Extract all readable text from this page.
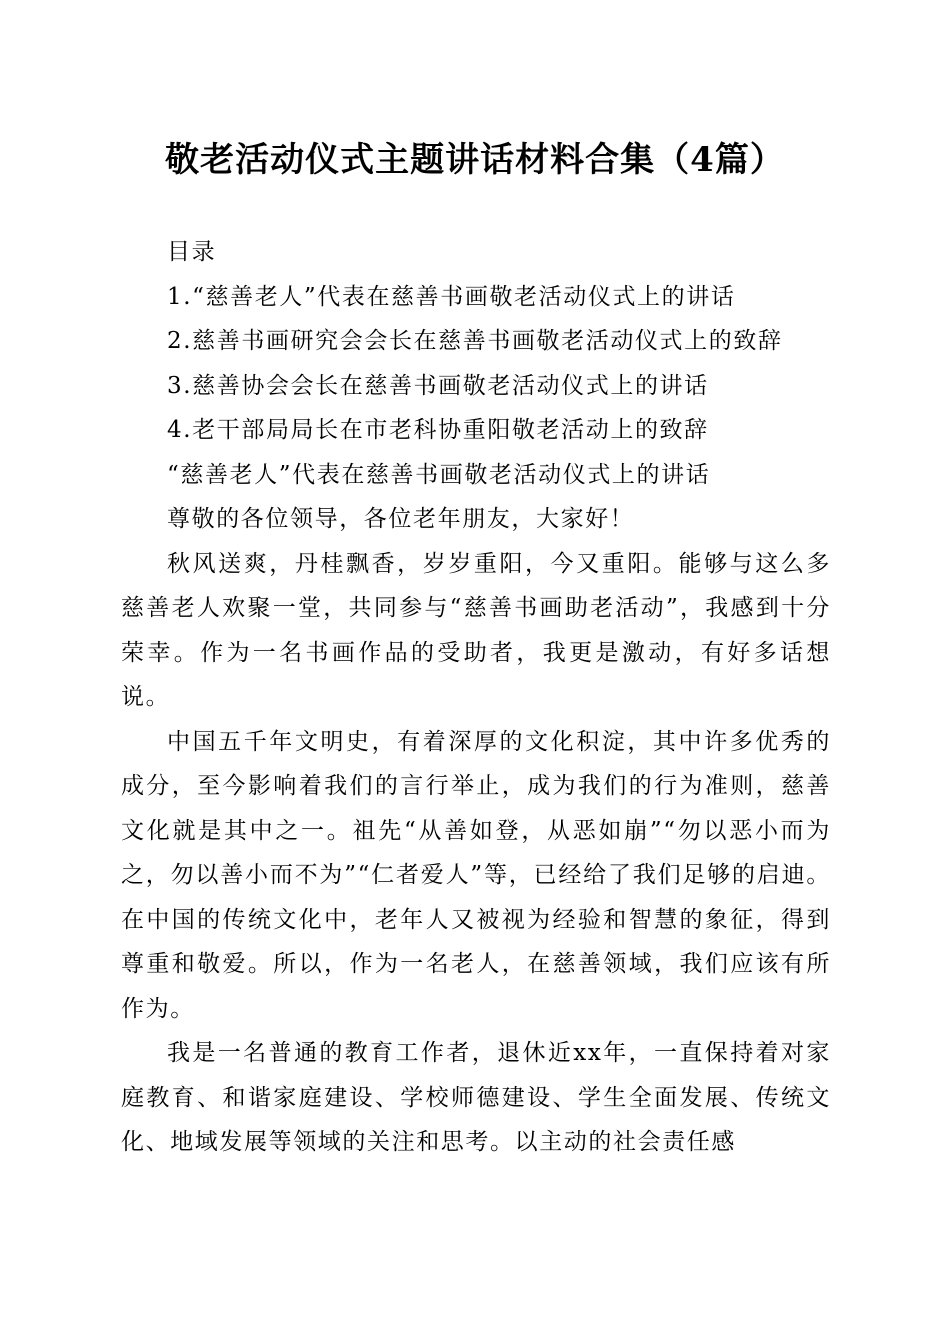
敬老活动仪式主题讲话材料合集（4篇）

目录

1.“慈善老人”代表在慈善书画敬老活动仪式上的讲话

2.慈善书画研究会会长在慈善书画敬老活动仪式上的致辞

3.慈善协会会长在慈善书画敬老活动仪式上的讲话

4.老干部局局长在市老科协重阳敬老活动上的致辞

“慈善老人”代表在慈善书画敬老活动仪式上的讲话

尊敬的各位领导，各位老年朋友，大家好！

秋风送爽，丹桂飘香，岁岁重阳，今又重阳。能够与这么多慈善老人欢聚一堂，共同参与“慈善书画助老活动”，我感到十分荣幸。作为一名书画作品的受助者，我更是激动，有好多话想说。

中国五千年文明史，有着深厚的文化积淀，其中许多优秀的成分，至今影响着我们的言行举止，成为我们的行为准则，慈善文化就是其中之一。祖先“从善如登，从恶如崩”“勿以恶小而为之，勿以善小而不为”“仁者爱人”等，已经给了我们足够的启迪。在中国的传统文化中，老年人又被视为经验和智慧的象征，得到尊重和敬爱。所以，作为一名老人，在慈善领域，我们应该有所作为。

我是一名普通的教育工作者，退休近xx年，一直保持着对家庭教育、和谐家庭建设、学校师德建设、学生全面发展、传统文化、地域发展等领域的关注和思考。以主动的社会责任感
